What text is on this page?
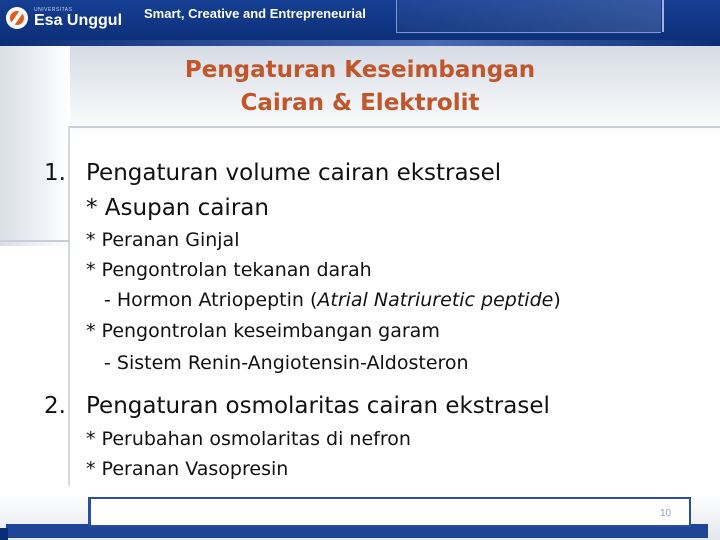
UNIVERSITAS
Esa Unggul Smart, Creative and Entrepreneurial
Pengaturan Keseimbangan
Cairan & Elektrolit
1. Pengaturan volume cairan ekstrasel
* Asupan cairan
* Peranan Ginjal
* Pengontrolan tekanan darah
- Hormon Atriopeptin (Atrial Natriuretic peptide)
* Pengontrolan keseimbangan garam
- Sistem Renin-Angiotensin-Aldosteron
2. Pengaturan osmolaritas cairan ekstrasel
* Perubahan osmolaritas di nefron
* Peranan Vasopresin
10
